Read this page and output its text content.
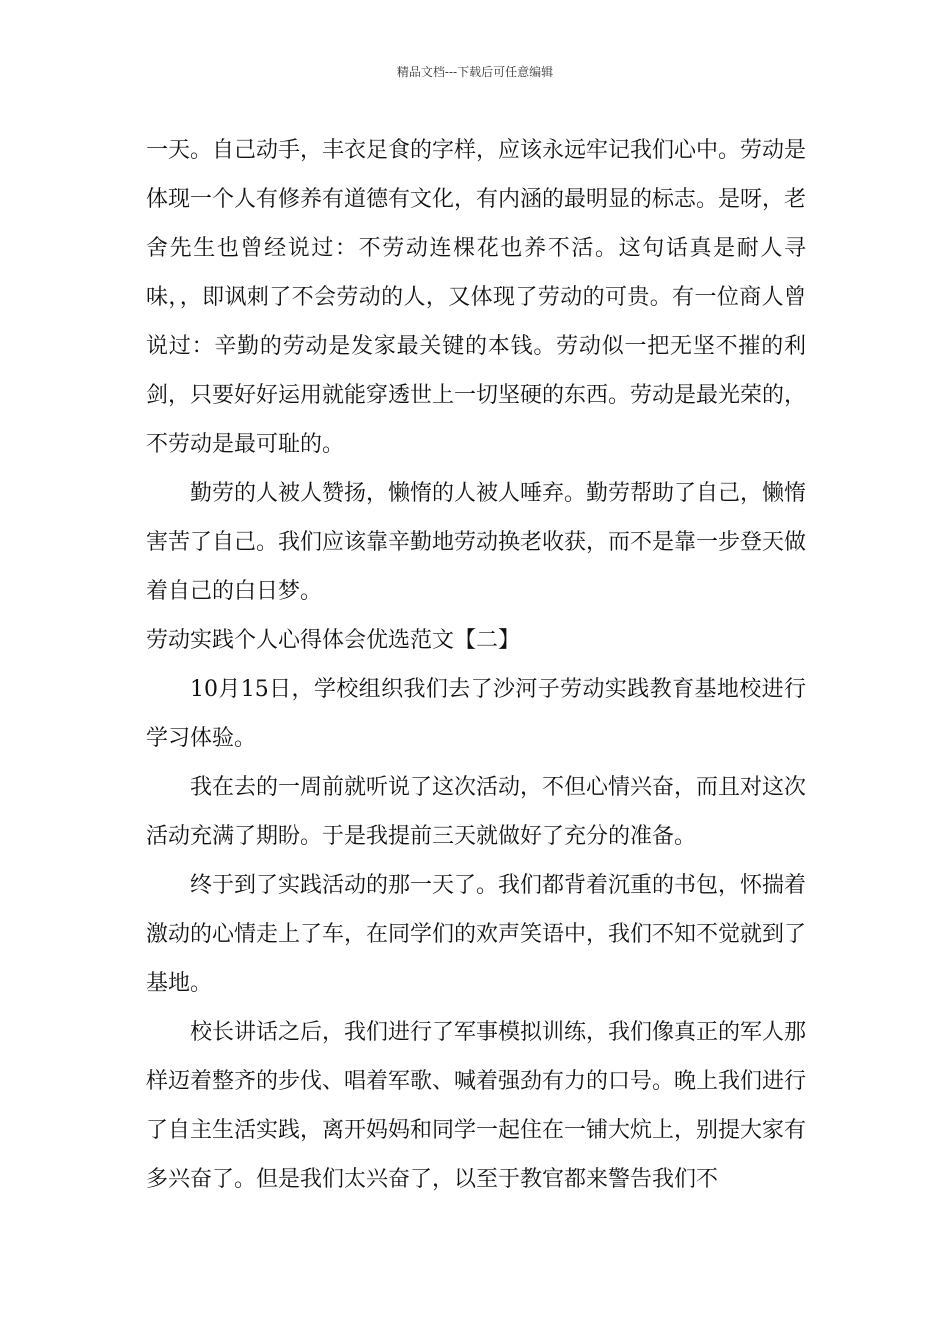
精品文档---下载后可任意编辑

一天。自己动手，丰衣足食的字样，应该永远牢记我们心中。劳动是体现一个人有修养有道德有文化，有内涵的最明显的标志。是呀，老舍先生也曾经说过：不劳动连棵花也养不活。这句话真是耐人寻味，，即讽刺了不会劳动的人，又体现了劳动的可贵。有一位商人曾说过：辛勤的劳动是发家最关键的本钱。劳动似一把无坚不摧的利剑，只要好好运用就能穿透世上一切坚硬的东西。劳动是最光荣的，不劳动是最可耻的。

勤劳的人被人赞扬，懒惰的人被人唾弃。勤劳帮助了自己，懒惰害苦了自己。我们应该靠辛勤地劳动换老收获，而不是靠一步登天做着自己的白日梦。

劳动实践个人心得体会优选范文【二】

10月15日，学校组织我们去了沙河子劳动实践教育基地校进行学习体验。

我在去的一周前就听说了这次活动，不但心情兴奋，而且对这次活动充满了期盼。于是我提前三天就做好了充分的准备。

终于到了实践活动的那一天了。我们都背着沉重的书包，怀揣着激动的心情走上了车，在同学们的欢声笑语中，我们不知不觉就到了基地。

校长讲话之后，我们进行了军事模拟训练，我们像真正的军人那样迈着整齐的步伐、唱着军歌、喊着强劲有力的口号。晚上我们进行了自主生活实践，离开妈妈和同学一起住在一铺大炕上，别提大家有多兴奋了。但是我们太兴奋了，以至于教官都来警告我们不
